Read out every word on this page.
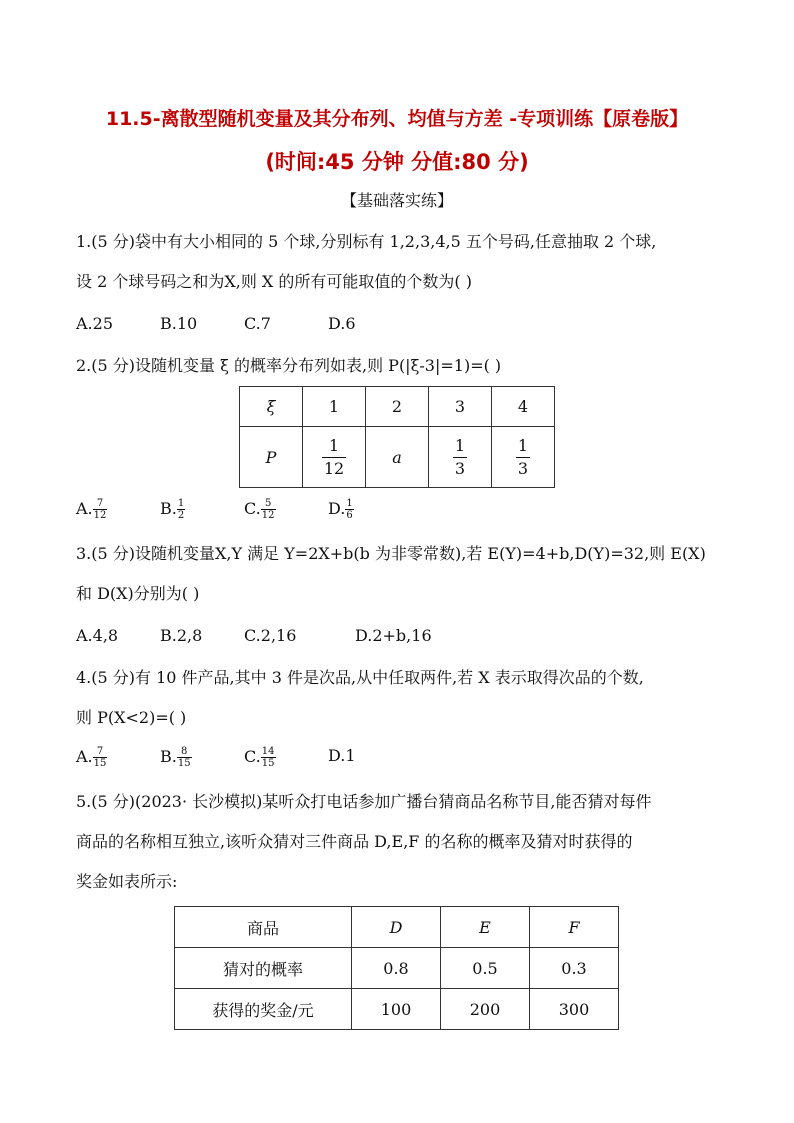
11.5-离散型随机变量及其分布列、均值与方差 -专项训练【原卷版】
(时间:45 分钟 分值:80 分)
【基础落实练】
1.(5 分)袋中有大小相同的 5 个球,分别标有 1,2,3,4,5 五个号码,任意抽取 2 个球,
设 2 个球号码之和为X,则 X 的所有可能取值的个数为( )
A.25	B.10	C.7	D.6
2.(5 分)设随机变量 ξ 的概率分布列如表,则 P(|ξ-3|=1)=( )
ξ	1	2	3	4
P	$\frac{1}{12}$	a	$\frac{1}{3}$	$\frac{1}{3}$
A. $\frac{7}{12}$	B. $\frac{1}{2}$	C. $\frac{5}{12}$	D. $\frac{1}{6}$
3.(5 分)设随机变量X,Y 满足 Y=2X+b(b 为非零常数),若 E(Y)=4+b,D(Y)=32,则 E(X)
和 D(X)分别为( )
A.4,8	B.2,8	C.2,16	D.2+b,16
4.(5 分)有 10 件产品,其中 3 件是次品,从中任取两件,若 X 表示取得次品的个数,
则 P(X<2)=( )
A. $\frac{7}{15}$	B. $\frac{8}{15}$	C. $\frac{14}{15}$	D.1
5.(5 分)(2023· 长沙模拟)某听众打电话参加广播台猜商品名称节目,能否猜对每件
商品的名称相互独立,该听众猜对三件商品 D,E,F 的名称的概率及猜对时获得的
奖金如表所示:
商品	D	E	F
猜对的概率	0.8	0.5	0.3
获得的奖金/元	100	200	300
